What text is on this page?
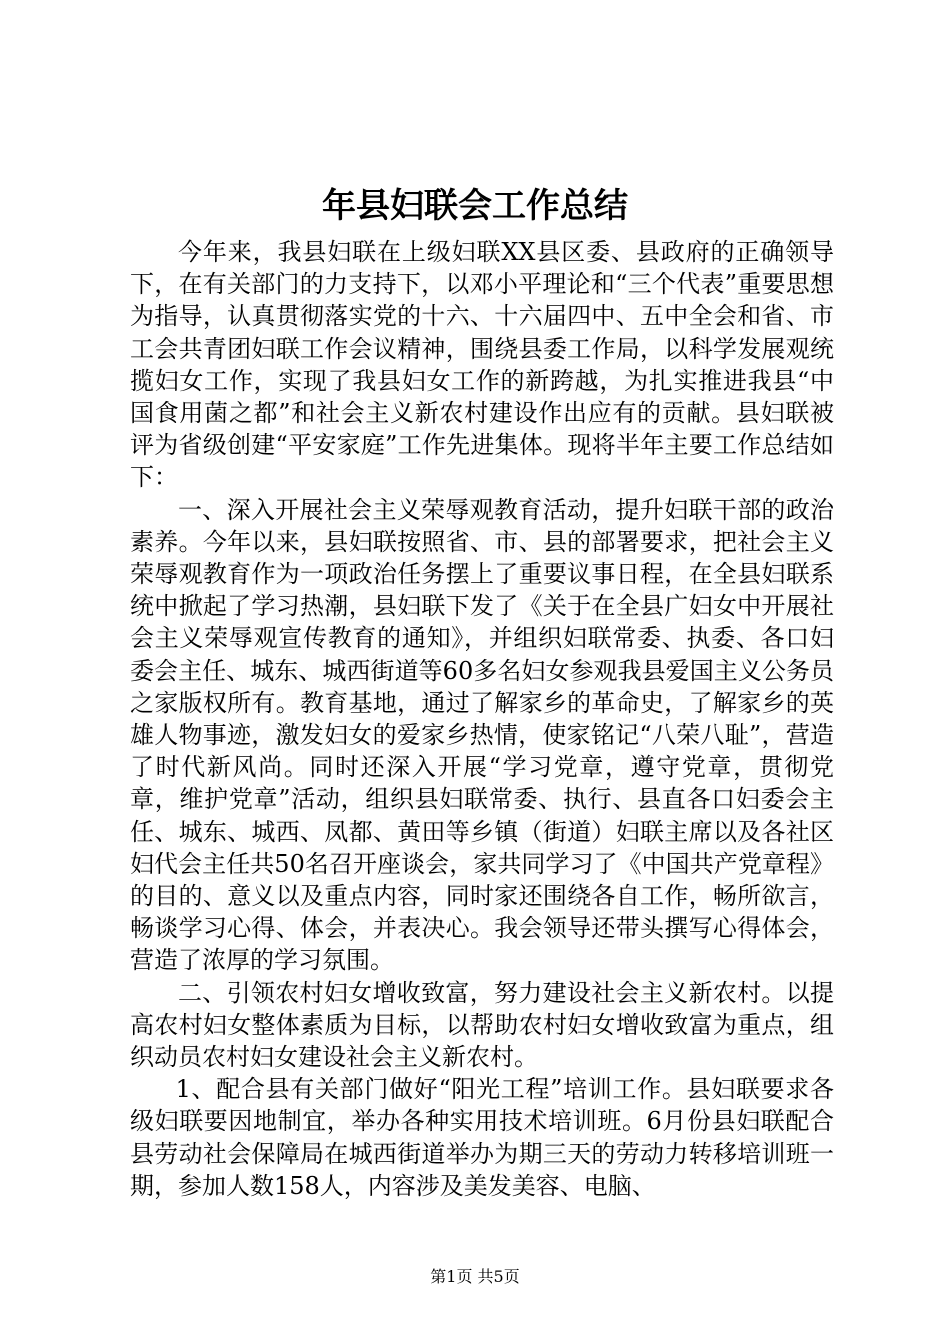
年县妇联会工作总结

今年来，我县妇联在上级妇联XX县区委、县政府的正确领导下，在有关部门的力支持下，以邓小平理论和“三个代表”重要思想为指导，认真贯彻落实党的十六、十六届四中、五中全会和省、市工会共青团妇联工作会议精神，围绕县委工作局，以科学发展观统揽妇女工作，实现了我县妇女工作的新跨越，为扎实推进我县“中国食用菌之都”和社会主义新农村建设作出应有的贡献。县妇联被评为省级创建“平安家庭”工作先进集体。现将半年主要工作总结如下：

一、深入开展社会主义荣辱观教育活动，提升妇联干部的政治素养。今年以来，县妇联按照省、市、县的部署要求，把社会主义荣辱观教育作为一项政治任务摆上了重要议事日程，在全县妇联系统中掀起了学习热潮，县妇联下发了《关于在全县广妇女中开展社会主义荣辱观宣传教育的通知》，并组织妇联常委、执委、各口妇委会主任、城东、城西街道等60多名妇女参观我县爱国主义公务员之家版权所有。教育基地，通过了解家乡的革命史，了解家乡的英雄人物事迹，激发妇女的爱家乡热情，使家铭记“八荣八耻”，营造了时代新风尚。同时还深入开展“学习党章，遵守党章，贯彻党章，维护党章”活动，组织县妇联常委、执行、县直各口妇委会主任、城东、城西、凤都、黄田等乡镇（街道）妇联主席以及各社区妇代会主任共50名召开座谈会，家共同学习了《中国共产党章程》的目的、意义以及重点内容，同时家还围绕各自工作，畅所欲言，畅谈学习心得、体会，并表决心。我会领导还带头撰写心得体会，营造了浓厚的学习氛围。

二、引领农村妇女增收致富，努力建设社会主义新农村。以提高农村妇女整体素质为目标，以帮助农村妇女增收致富为重点，组织动员农村妇女建设社会主义新农村。

1、配合县有关部门做好“阳光工程”培训工作。县妇联要求各级妇联要因地制宜，举办各种实用技术培训班。6月份县妇联配合县劳动社会保障局在城西街道举办为期三天的劳动力转移培训班一期，参加人数158人，内容涉及美发美容、电脑、

第1页 共5页
